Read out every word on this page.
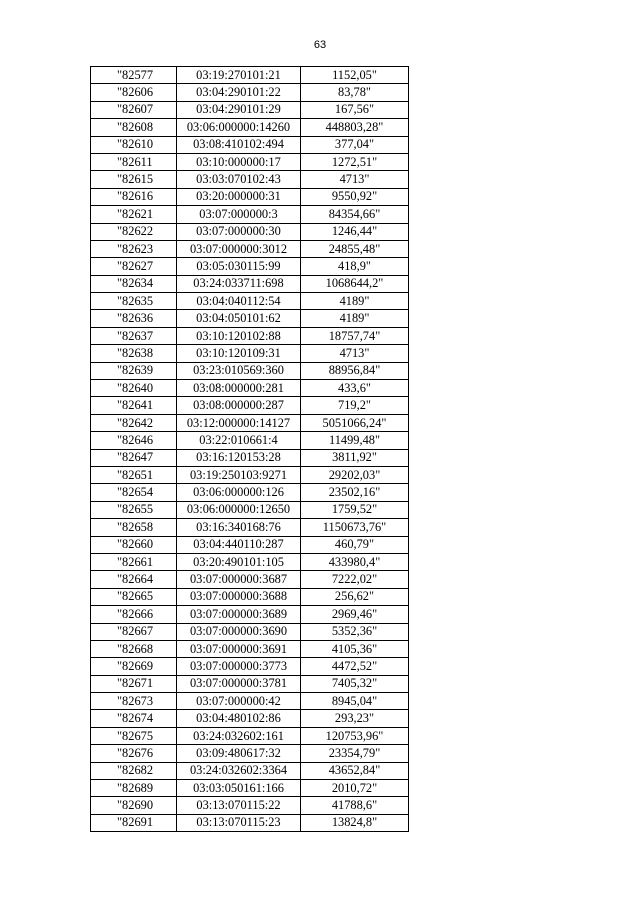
63
"82577	03:19:270101:21	1152,05"
"82606	03:04:290101:22	83,78"
"82607	03:04:290101:29	167,56"
"82608	03:06:000000:14260	448803,28"
"82610	03:08:410102:494	377,04"
"82611	03:10:000000:17	1272,51"
"82615	03:03:070102:43	4713"
"82616	03:20:000000:31	9550,92"
"82621	03:07:000000:3	84354,66"
"82622	03:07:000000:30	1246,44"
"82623	03:07:000000:3012	24855,48"
"82627	03:05:030115:99	418,9"
"82634	03:24:033711:698	1068644,2"
"82635	03:04:040112:54	4189"
"82636	03:04:050101:62	4189"
"82637	03:10:120102:88	18757,74"
"82638	03:10:120109:31	4713"
"82639	03:23:010569:360	88956,84"
"82640	03:08:000000:281	433,6"
"82641	03:08:000000:287	719,2"
"82642	03:12:000000:14127	5051066,24"
"82646	03:22:010661:4	11499,48"
"82647	03:16:120153:28	3811,92"
"82651	03:19:250103:9271	29202,03"
"82654	03:06:000000:126	23502,16"
"82655	03:06:000000:12650	1759,52"
"82658	03:16:340168:76	1150673,76"
"82660	03:04:440110:287	460,79"
"82661	03:20:490101:105	433980,4"
"82664	03:07:000000:3687	7222,02"
"82665	03:07:000000:3688	256,62"
"82666	03:07:000000:3689	2969,46"
"82667	03:07:000000:3690	5352,36"
"82668	03:07:000000:3691	4105,36"
"82669	03:07:000000:3773	4472,52"
"82671	03:07:000000:3781	7405,32"
"82673	03:07:000000:42	8945,04"
"82674	03:04:480102:86	293,23"
"82675	03:24:032602:161	120753,96"
"82676	03:09:480617:32	23354,79"
"82682	03:24:032602:3364	43652,84"
"82689	03:03:050161:166	2010,72"
"82690	03:13:070115:22	41788,6"
"82691	03:13:070115:23	13824,8"
